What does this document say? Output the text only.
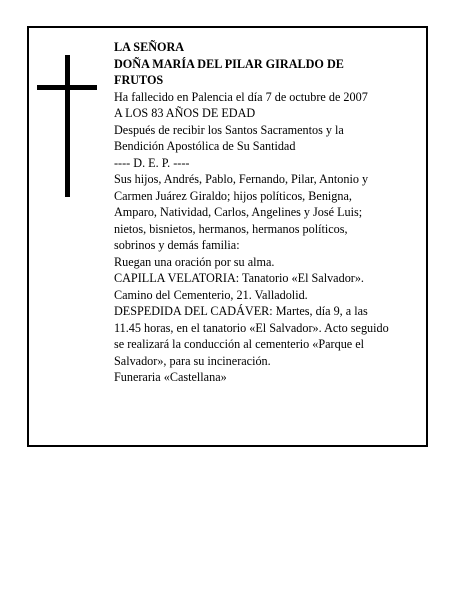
LA SEÑORA
DOÑA MARÍA DEL PILAR GIRALDO DE
FRUTOS
Ha fallecido en Palencia el día 7 de octubre de 2007
A LOS 83 AÑOS DE EDAD
Después de recibir los Santos Sacramentos y la
Bendición Apostólica de Su Santidad
---- D. E. P. ----
Sus hijos, Andrés, Pablo, Fernando, Pilar, Antonio y
Carmen Juárez Giraldo; hijos políticos, Benigna,
Amparo, Natividad, Carlos, Angelines y José Luis;
nietos, bisnietos, hermanos, hermanos políticos,
sobrinos y demás familia:
Ruegan una oración por su alma.
CAPILLA VELATORIA: Tanatorio «El Salvador».
Camino del Cementerio, 21. Valladolid.
DESPEDIDA DEL CADÁVER: Martes, día 9, a las
11.45 horas, en el tanatorio «El Salvador». Acto seguido
se realizará la conducción al cementerio «Parque el
Salvador», para su incineración.
Funeraria «Castellana»
